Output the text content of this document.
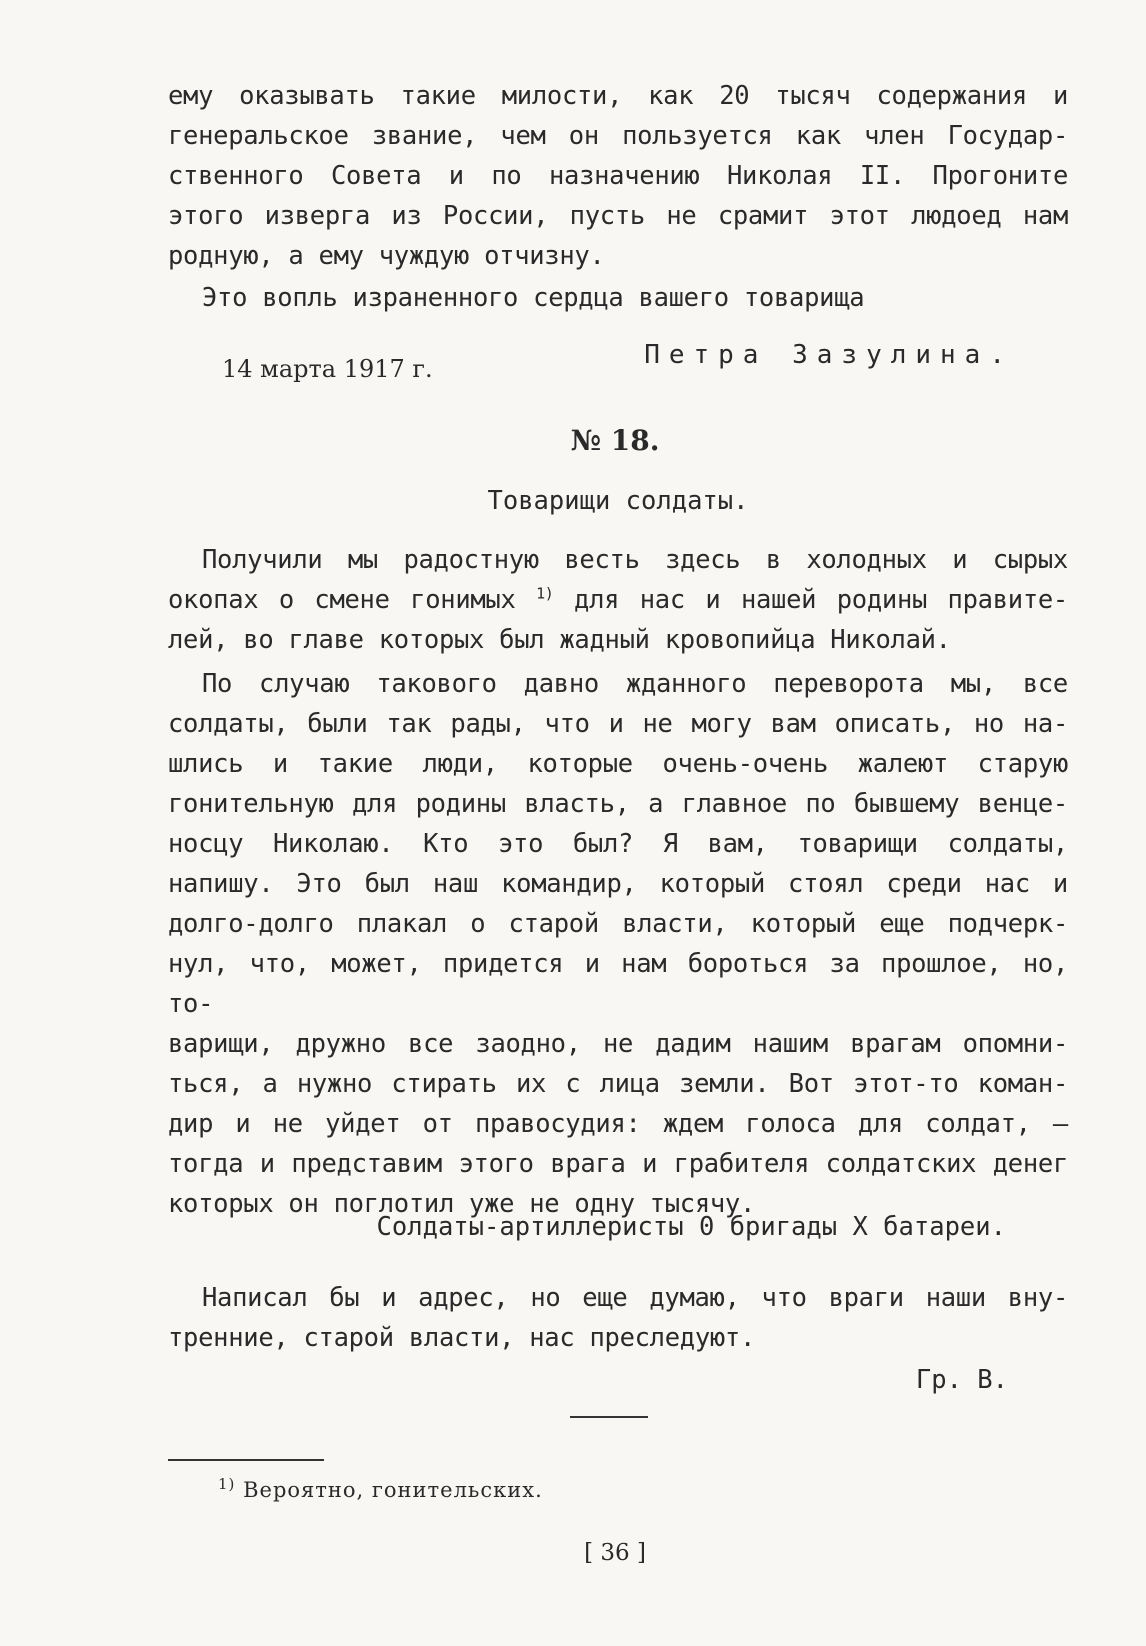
ему оказывать такие милости, как 20 тысяч содержания и
генеральское звание, чем он пользуется как член Государ-
ственного Совета и по назначению Николая II. Прогоните
этого изверга из России, пусть не срамит этот людоед нам
родную, а ему чуждую отчизну.
Это вопль израненного сердца вашего товарища
14 марта 1917 г.	Петра Зазулина.
№ 18.
Товарищи солдаты.
Получили мы радостную весть здесь в холодных и сырых
окопах о смене гонимых $^{1)}$ для нас и нашей родины правите-
лей, во главе которых был жадный кровопийца Николай.
По случаю такового давно жданного переворота мы, все
солдаты, были так рады, что и не могу вам описать, но на-
шлись и такие люди, которые очень-очень жалеют старую
гонительную для родины власть, а главное по бывшему венце-
носцу Николаю. Кто это был? Я вам, товарищи солдаты,
напишу. Это был наш командир, который стоял среди нас и
долго-долго плакал о старой власти, который еще подчерк-
нул, что, может, придется и нам бороться за прошлое, но, то-
варищи, дружно все заодно, не дадим нашим врагам опомни-
ться, а нужно стирать их с лица земли. Вот этот-то коман-
дир и не уйдет от правосудия: ждем голоса для солдат, —
тогда и представим этого врага и грабителя солдатских денег
которых он поглотил уже не одну тысячу.
Солдаты-артиллеристы 0 бригады X батареи.
Написал бы и адрес, но еще думаю, что враги наши вну-
тренние, старой власти, нас преследуют.
Гр. В.
$^{1)}$ Вероятно, гонительских.
[ 36 ]
